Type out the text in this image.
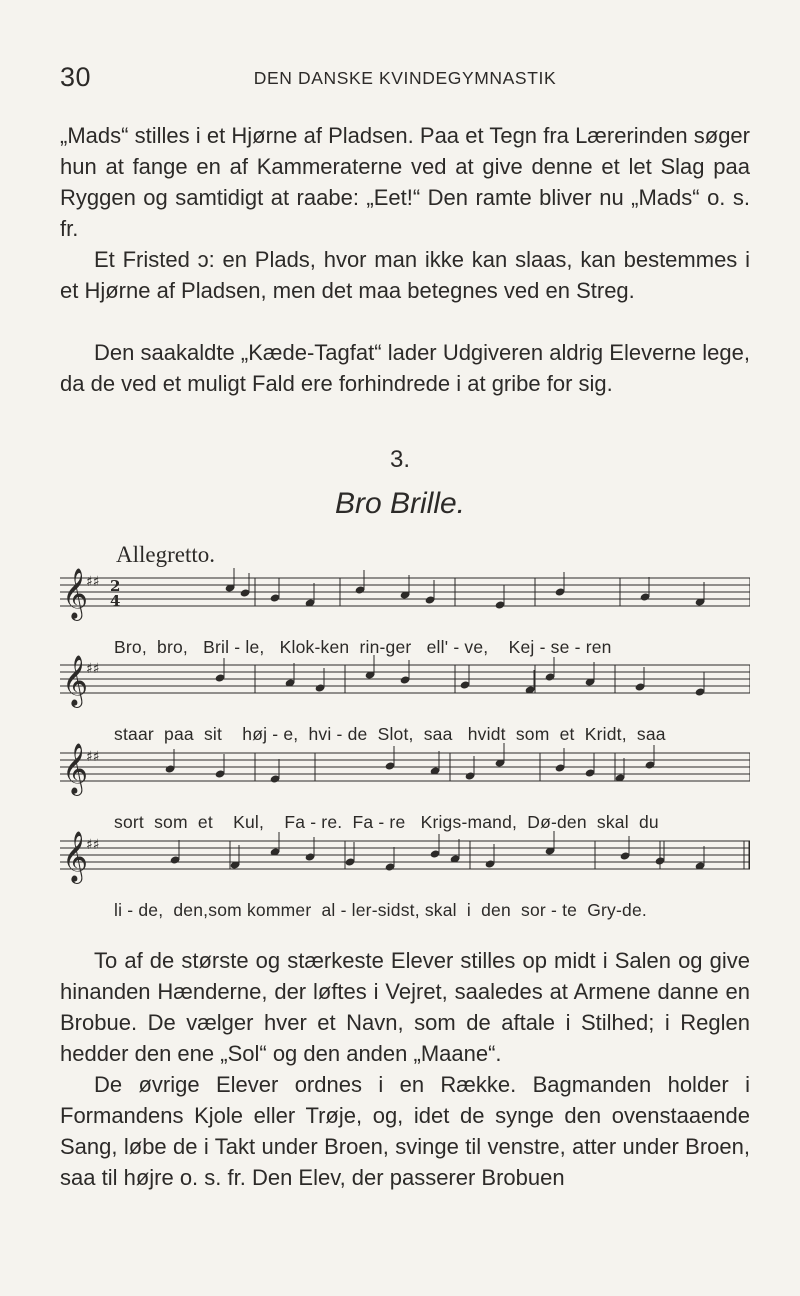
30	DEN DANSKE KVINDEGYMNASTIK

„Mads“ stilles i et Hjørne af Pladsen. Paa et Tegn fra Lærerinden søger hun at fange en af Kammeraterne ved at give denne et let Slag paa Ryggen og samtidigt at raabe: „Eet!“ Den ramte bliver nu „Mads“ o. s. fr.

Et Fristed ɔ: en Plads, hvor man ikke kan slaas, kan bestemmes i et Hjørne af Pladsen, men det maa betegnes ved en Streg.

Den saakaldte „Kæde-Tagfat“ lader Udgiveren aldrig Eleverne lege, da de ved et muligt Fald ere forhindrede i at gribe for sig.

3.
Bro Brille.
Allegretto.
𝄞
♯♯ 2
4
𝄞
♯♯
𝄞
♯♯
𝄞
♯♯
Bro,  bro,   Bril - le,   Klok-ken  rin-ger   ell' - ve,    Kej - se - ren
staar  paa  sit    høj - e,  hvi - de  Slot,  saa   hvidt  som  et  Kridt,  saa
sort  som  et    Kul,    Fa - re.  Fa - re   Krigs-mand,  Dø-den  skal  du
li - de,  den,som kommer  al - ler-sidst, skal  i  den  sor - te  Gry-de.

To af de største og stærkeste Elever stilles op midt i Salen og give hinanden Hænderne, der løftes i Vejret, saaledes at Armene danne en Brobue. De vælger hver et Navn, som de aftale i Stilhed; i Reglen hedder den ene „Sol“ og den anden „Maane“.

De øvrige Elever ordnes i en Række. Bagmanden holder i Formandens Kjole eller Trøje, og, idet de synge den ovenstaaende Sang, løbe de i Takt under Broen, svinge til venstre, atter under Broen, saa til højre o. s. fr. Den Elev, der passerer Brobuen
